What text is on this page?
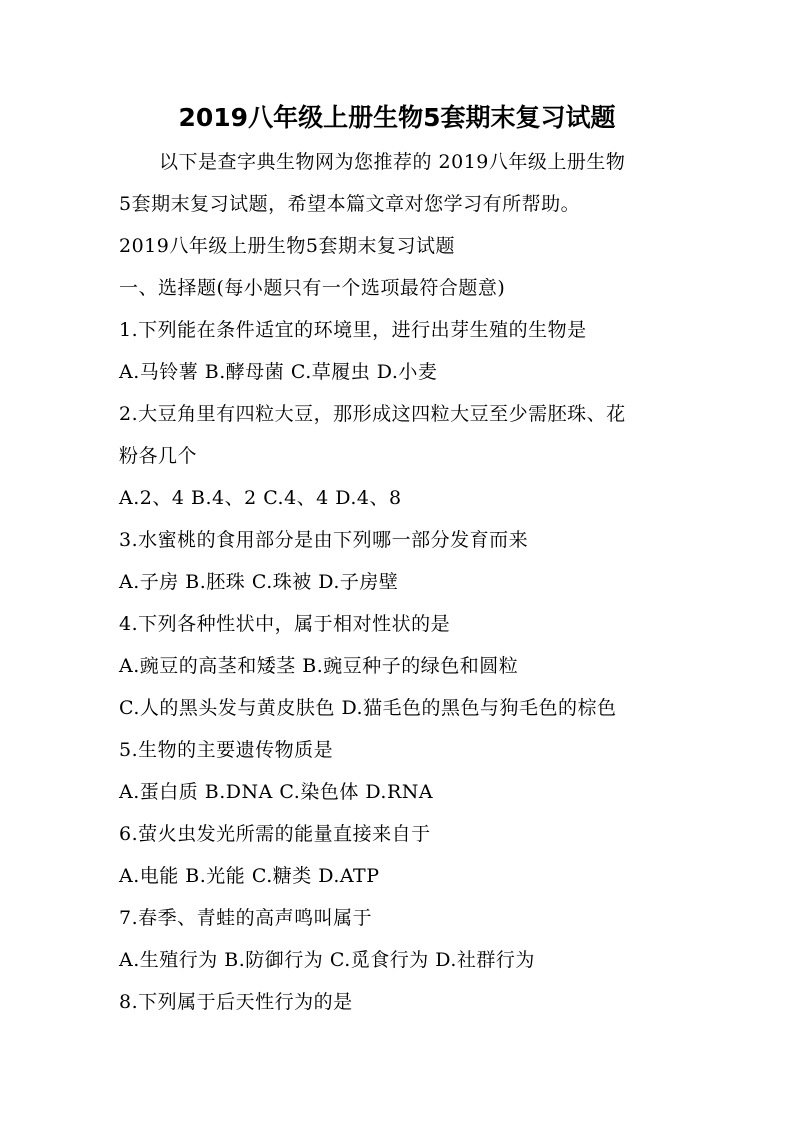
2019八年级上册生物5套期末复习试题
以下是查字典生物网为您推荐的 2019八年级上册生物
5套期末复习试题，希望本篇文章对您学习有所帮助。
2019八年级上册生物5套期末复习试题
一、选择题(每小题只有一个选项最符合题意)
1.下列能在条件适宜的环境里，进行出芽生殖的生物是
A.马铃薯 B.酵母菌 C.草履虫 D.小麦
2.大豆角里有四粒大豆，那形成这四粒大豆至少需胚珠、花
粉各几个
A.2、4 B.4、2 C.4、4 D.4、8
3.水蜜桃的食用部分是由下列哪一部分发育而来
A.子房 B.胚珠 C.珠被 D.子房壁
4.下列各种性状中，属于相对性状的是
A.豌豆的高茎和矮茎 B.豌豆种子的绿色和圆粒
C.人的黑头发与黄皮肤色 D.猫毛色的黑色与狗毛色的棕色
5.生物的主要遗传物质是
A.蛋白质 B.DNA C.染色体 D.RNA
6.萤火虫发光所需的能量直接来自于
A.电能 B.光能 C.糖类 D.ATP
7.春季、青蛙的高声鸣叫属于
A.生殖行为 B.防御行为 C.觅食行为 D.社群行为
8.下列属于后天性行为的是
